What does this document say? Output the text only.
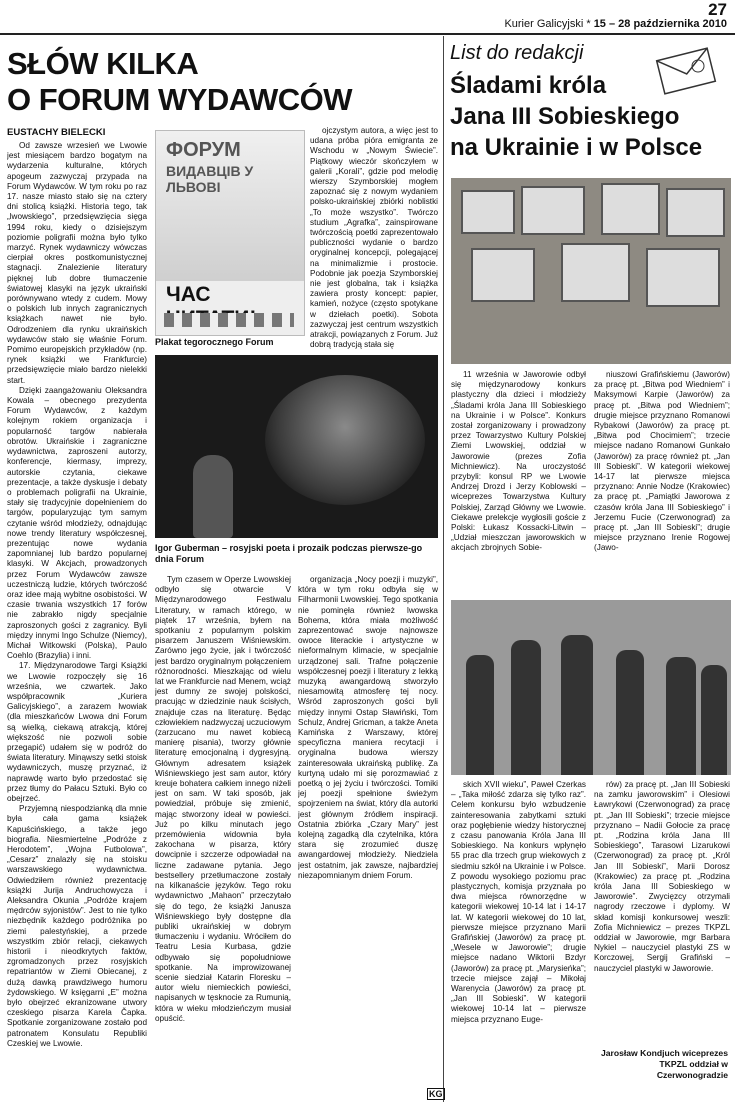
27
Kurier Galicyjski * 15 – 28 października 2010
SŁÓW KILKA
O FORUM WYDAWCÓW
EUSTACHY BIELECKI

Od zawsze wrzesień we Lwowie jest miesiącem bardzo bogatym na wydarzenia kulturalne, których apogeum zazwyczaj przypada na Forum Wydawców. W tym roku po raz 17. nasze miasto stało się na cztery dni stolicą książki. Historia tego, tak „lwowskiego”, przedsięwzięcia sięga 1994 roku, kiedy o dzisiejszym poziomie poligrafii można było tylko marzyć. Rynek wydawniczy wówczas cierpiał okres postkomunistycznej stagnacji. Znalezienie literatury pięknej lub dobre tłumaczenie światowej klasyki na język ukraiński porównywano wtedy z cudem. Mowy o polskich lub innych zagranicznych książkach nawet nie było. Odrodzeniem dla rynku ukraińskich wydawców stało się właśnie Forum. Pomimo europejskich przykładów (np. rynek książki we Frankfurcie) przedsięwzięcie miało bardzo nielekki start.

Dzięki zaangażowaniu Oleksandra Kowala – obecnego prezydenta Forum Wydawców, z każdym kolejnym rokiem organizacja i popularność targów nabierała obrotów. Ukraińskie i zagraniczne wydawnictwa, zaproszeni autorzy, konferencje, kiermasy, imprezy, autorskie czytania, ciekawe prezentacje, a także dyskusje i debaty o problemach poligrafii na Ukrainie, stały się tradycyjnie dopełnieniem do targów, popularyzując tym samym czytanie wśród młodzieży, odnajdując nowe trendy literatury współczesnej, prezentując nowe wydania zapomnianej lub bardzo popularnej klasyki. W Akcjach, prowadzonych przez Forum Wydawców zawsze uczestniczą ludzie, których twórczość oraz idee mają wybitne osobistości. W czasie trwania wszystkich 17 forów nie zabrakło nigdy specjalnie zaproszonych gości z zagranicy. Byli między innymi Ingo Schulze (Niemcy), Michał Witkowski (Polska), Paulo Coehlo (Brazylia) i inni.

17. Międzynarodowe Targi Książki we Lwowie rozpoczęły się 16 września, we czwartek. Jako współpracownik „Kuriera Galicyjskiego”, a zarazem lwowiak (dla mieszkańców Lwowa dni Forum są wielką, ciekawą atrakcją, której większość nie pozwoli sobie przegapić) udałem się w podróż do świata literatury. Minąwszy setki stoisk wydawniczych, muszę przyznać, iż naprawdę warto było przedostać się przez tłumy do Pałacu Sztuki. Było co obejrzeć.

Przyjemną niespodzianką dla mnie była cała gama książek Kapuścińskiego, a także jego biografia. Niesmiertelne „Podróże z Herodotem”, „Wojna Futbolowa”, „Cesarz” znalazły się na stoisku warszawskiego wydawnictwa. Odwiedziłem również prezentację książki Jurija Andruchowycza i Aleksandra Okunia „Podróże krajem mędrców syjonistów”. Jest to nie tylko niezbędnik każdego podróżnika po ziemi palestyńskiej, a przede wszystkim zbiór relacji, ciekawych historii i nieodkrytych faktów, zgromadzonych przez rosyjskich repatriantów w Ziemi Obiecanej, z dużą dawką prawdziwego humoru żydowskiego. W księgarni „E” można było obejrzeć ekranizowane utwory czeskiego pisarza Karela Čapka. Spotkanie zorganizowane zostało pod patronatem Konsulatu Republiki Czeskiej we Lwowie.

ФОРУМ
ВИДАВЦІВ У ЛЬВОВІ
ЧАС
Plakat tegorocznego Forum

ojczystym autora, a więc jest to udana próba pióra emigranta ze Wschodu w „Nowym Świecie”. Piątkowy wieczór skończyłem w galerii „Korali”, gdzie pod melodię wierszy Szymborskiej mogłem zapoznać się z nowym wydaniem polsko-ukraińskiej zbiórki noblistki „To może wszystko”. Twórczo studium „Agrafka”, zainspirowane twórczością poetki zaprezentowało publiczności wydanie o bardzo oryginalnej koncepcji, polegającej na minimalizmie i prostocie. Podobnie jak poezja Szymborskiej nie jest globalna, tak i książka zawiera prosty koncept: papier, kamień, nożyce (często spotykane w dziełach poetki). Sobota zazwyczaj jest centrum wszystkich atrakcji, powiązanych z Forum. Już dobrą tradycją stała się

Igor Guberman – rosyjski poeta i prozaik podczas pierwsze-go dnia Forum

Tym czasem w Operze Lwowskiej odbyło się otwarcie V Międzynarodowego Festiwalu Literatury, w ramach którego, w piątek 17 września, byłem na spotkaniu z popularnym polskim pisarzem Januszem Wiśniewskim. Zarówno jego życie, jak i twórczość jest bardzo oryginalnym połączeniem różnorodności. Mieszkając od wielu lat we Frankfurcie nad Menem, wciąż jest dumny ze swojej polskości, pracując w dziedzinie nauk ścisłych, znajduje czas na literaturę. Będąc człowiekiem nadzwyczaj uczuciowym (zarzucano mu nawet kobiecą manierę pisania), tworzy głównie literaturę emocjonalną i dygresyjną. Głównym adresatem książek Wiśniewskiego jest sam autor, który kreuje bohatera całkiem innego niżeli jest on sam. W taki sposób, jak powiedział, próbuje się zmienić, mając stworzony ideał w powieści. Już po kilku minutach jego przemówienia widownia była zakochana w pisarza, który dowcipnie i szczerze odpowiadał na liczne zadawane pytania. Jego bestsellery przetłumaczone zostały na kilkanaście języków. Tego roku wydawnictwo „Mahaon” przeczytało się do tego, że książki Janusza Wiśniewskiego były dostępne dla publiki ukraińskiej w dobrym tłumaczeniu i wydaniu. Wróciłem do Teatru Lesia Kurbasa, gdzie odbywało się popołudniowe spotkanie. Na improwizowanej scenie siedział Katarin Floresku – autor wielu niemieckich powieści, napisanych w tęsknocie za Rumunią, która w wieku młodzieńczym musiał opuścić.

organizacja „Nocy poezji i muzyki”, która w tym roku odbyła się w Filharmonii Lwowskiej. Tego spotkania nie pominęła również lwowska Bohema, która miała możliwość zaprezentować swoje najnowsze owoce literackie i artystyczne w nieformalnym klimacie, w specjalnie urządzonej sali. Trafne połączenie współczesnej poezji i literatury z lekką muzyką awangardową stworzyło niesamowitą atmosferę tej nocy. Wśród zaproszonych gości byli między innymi Ostap Sławiński, Tom Schulz, Andrej Gricman, a także Aneta Kamińska z Warszawy, której specyficzna maniera recytacji i oryginalna budowa wierszy zainteresowała ukraińską publikę. Za kurtyną udało mi się porozmawiać z poetką o jej życiu i twórczości. Tomiki jej poezji spełnione świeżym spojrzeniem na świat, który dla autorki jest głównym źródłem inspiracji. Ostatnia zbiórka „Czary Mary” jest kolejną zagadką dla czytelnika, która stara się zrozumieć duszę awangardowej młodzieży. Niedziela jest ostatnim, jak zawsze, najbardziej niezapomnianym dniem Forum.

KG
List do redakcji
Śladami króla
Jana III Sobieskiego
na Ukrainie i w Polsce

11 września w Jaworowie odbył się międzynarodowy konkurs plastyczny dla dzieci i młodzieży „Śladami króla Jana III Sobieskiego na Ukrainie i w Polsce”. Konkurs został zorganizowany i prowadzony przez Towarzystwo Kultury Polskiej Ziemi Lwowskiej, oddział w Jaworowie (prezes Zofia Michniewicz). Na uroczystość przybyli: konsul RP we Lwowie Andrzej Drozd i Jerzy Koblowski – wiceprezes Towarzystwa Kultury Polskiej, Zarząd Główny we Lwowie. Ciekawe prelekcje wygłosili goście z Polski: Łukasz Kossacki-Litwin – „Udział mieszczan jaworowskich w akcjach zbrojnych Sobie-

niuszowi Grafińskiemu (Jaworów) za pracę pt. „Bitwa pod Wiedniem” i Maksymowi Karpie (Jaworów) za pracę pt. „Bitwa pod Wiedniem”; drugie miejsce przyznano Romanowi Rybakowi (Jaworów) za pracę pt. „Bitwa pod Chocimiem”; trzecie miejsce nadano Romanowi Gunkało (Jaworów) za pracę również pt. „Jan III Sobieski”. W kategorii wiekowej 14-17 lat pierwsze miejsca przyznano: Annie Nodze (Krakowiec) za pracę pt. „Pamiątki Jaworowa z czasów króla Jana III Sobieskiego” i Jerzemu Fucie (Czerwonograd) za pracę pt. „Jan III Sobieski”; drugie miejsce przyznano Irenie Rogowej (Jawo-

skich XVII wieku”, Paweł Czerkas – „Taka miłość zdarza się tylko raz”. Celem konkursu było wzbudzenie zainteresowania zabytkami sztuki oraz pogłębienie wiedzy historycznej z czasu panowania Króla Jana III Sobieskiego. Na konkurs wpłynęło 55 prac dla trzech grup wiekowych z siedmiu szkół na Ukrainie i w Polsce. Z powodu wysokiego poziomu prac plastycznych, komisja przyznała po dwa miejsca równorzędne w kategorii wiekowej 10-14 lat i 14-17 lat. W kategorii wiekowej do 10 lat, pierwsze miejsce przyznano Marii Grafińskiej (Jaworów) za pracę pt. „Wesele w Jaworowie”; drugie miejsce nadano Wiktorii Bzdyr (Jaworów) za pracę pt. „Marysieńka”; trzecie miejsce zajął – Mikołaj Warenycia (Jaworów) za pracę pt. „Jan III Sobieski”. W kategorii wiekowej 10-14 lat – pierwsze miejsca przyznano Euge-

rów) za pracę pt. „Jan III Sobieski na zamku jaworowskim” i Olesiowi Ławrykowi (Czerwonograd) za pracę pt. „Jan III Sobieski”; trzecie miejsce przyznano – Nadii Gołocie za pracę pt. „Rodzina króla Jana III Sobieskiego”, Tarasowi Lizarukowi (Czerwonograd) za pracę pt. „Król Jan III Sobieski”, Marii Dorosz (Krakowiec) za pracę pt. „Rodzina króla Jana III Sobieskiego w Jaworowie”. Zwycięzcy otrzymali nagrody rzeczowe i dyplomy. W skład komisji konkursowej weszli: Zofia Michniewicz – prezes TKPZL oddział w Jaworowie, mgr Barbara Nykiel – nauczyciel plastyki ZS w Korczowej, Sergij Grafiński – nauczyciel plastyki w Jaworowie.

Jarosław Kondjuch wiceprezes TKPZL oddział w Czerwonogradzie
